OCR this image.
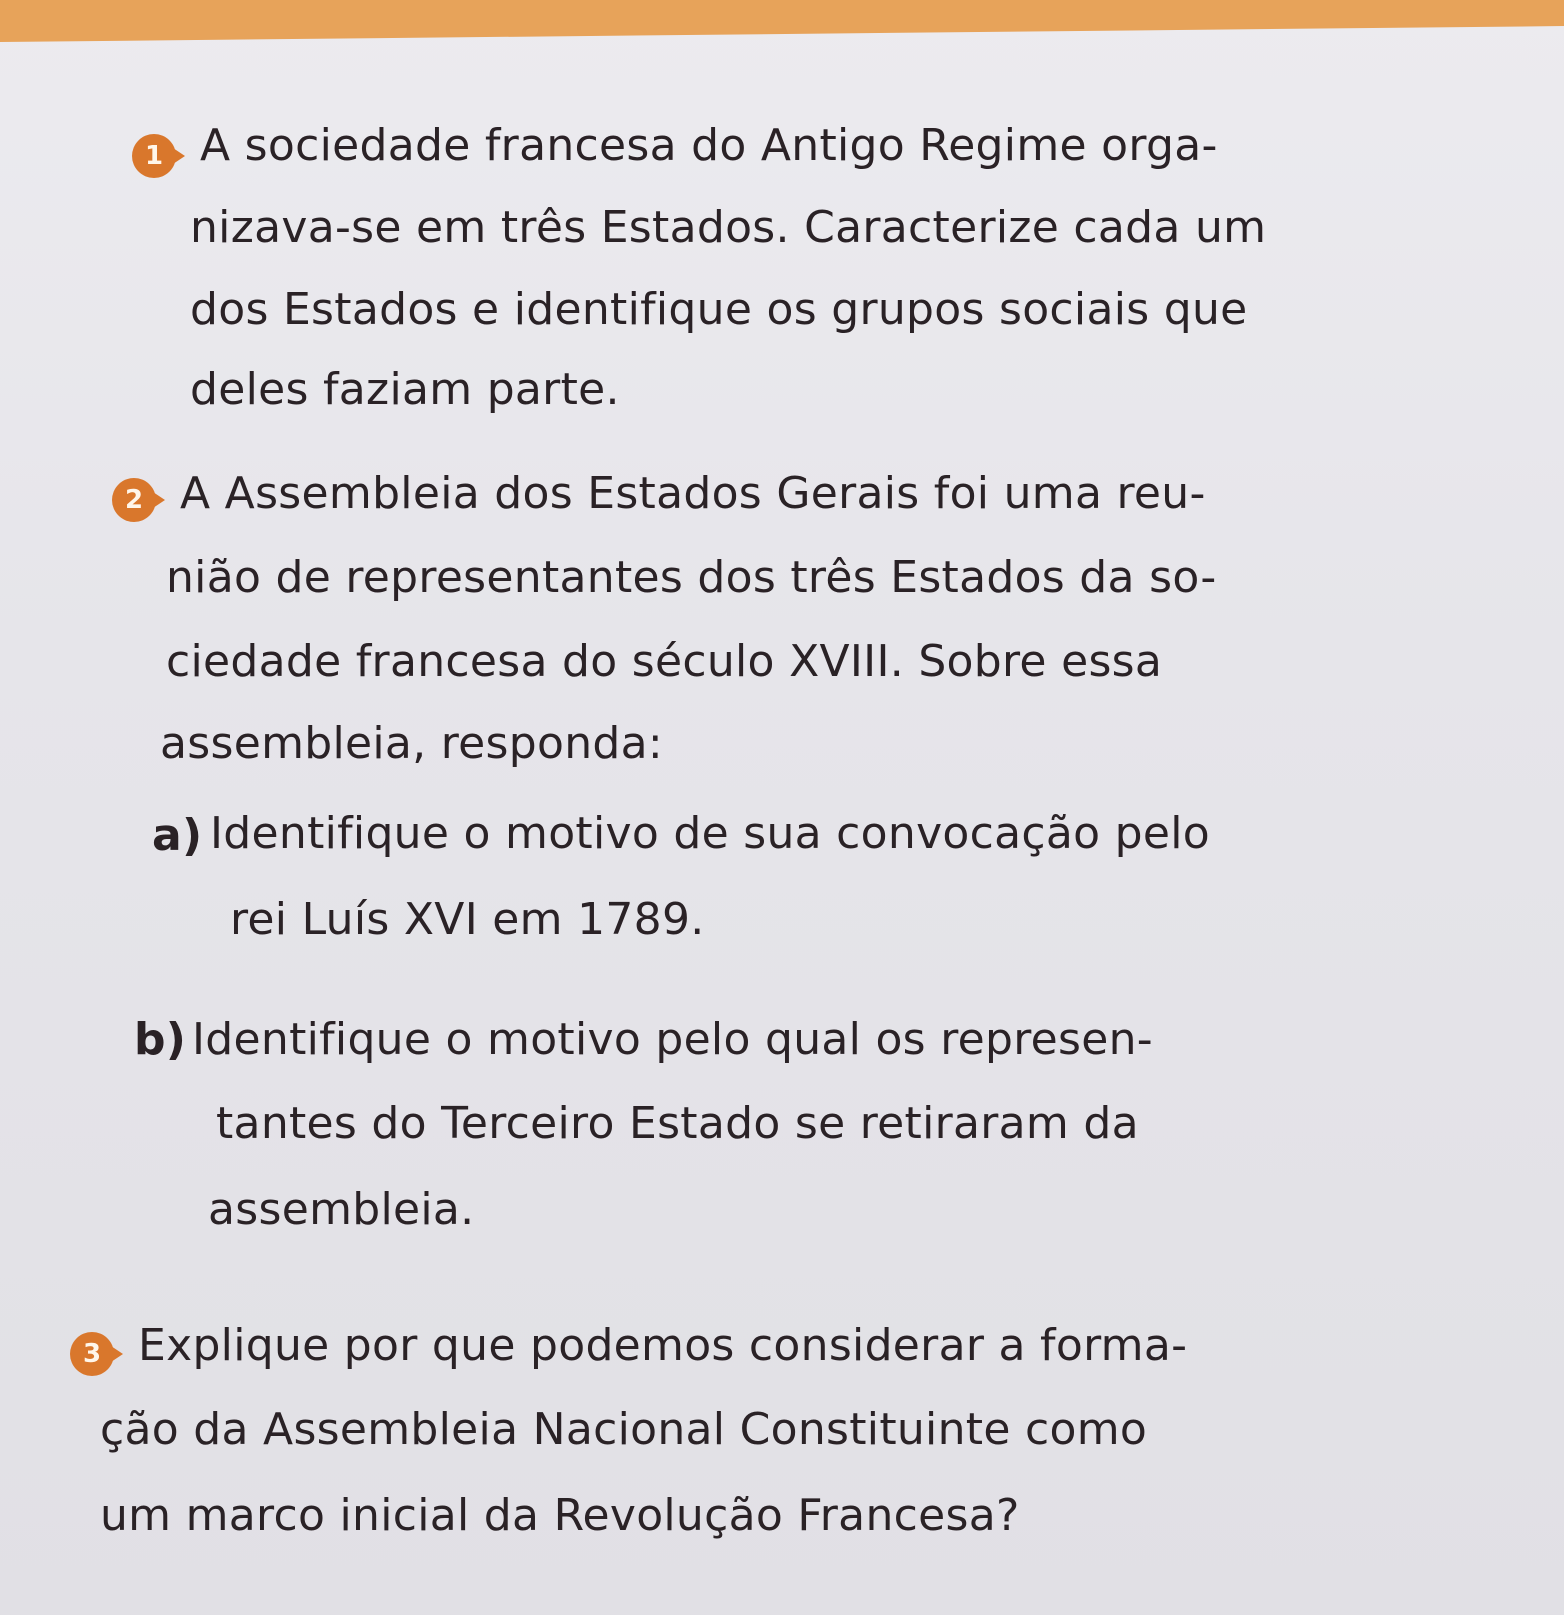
1 A sociedade francesa do Antigo Regime orga-

nizava-se em três Estados. Caracterize cada um

dos Estados e identifique os grupos sociais que

deles faziam parte.

2 A Assembleia dos Estados Gerais foi uma reu-

nião de representantes dos três Estados da so-

ciedade francesa do século XVIII. Sobre essa

assembleia, responda:

a) Identifique o motivo de sua convocação pelo

rei Luís XVI em 1789.

b) Identifique o motivo pelo qual os represen-

tantes do Terceiro Estado se retiraram da

assembleia.

3 Explique por que podemos considerar a forma-

ção da Assembleia Nacional Constituinte como

um marco inicial da Revolução Francesa?
